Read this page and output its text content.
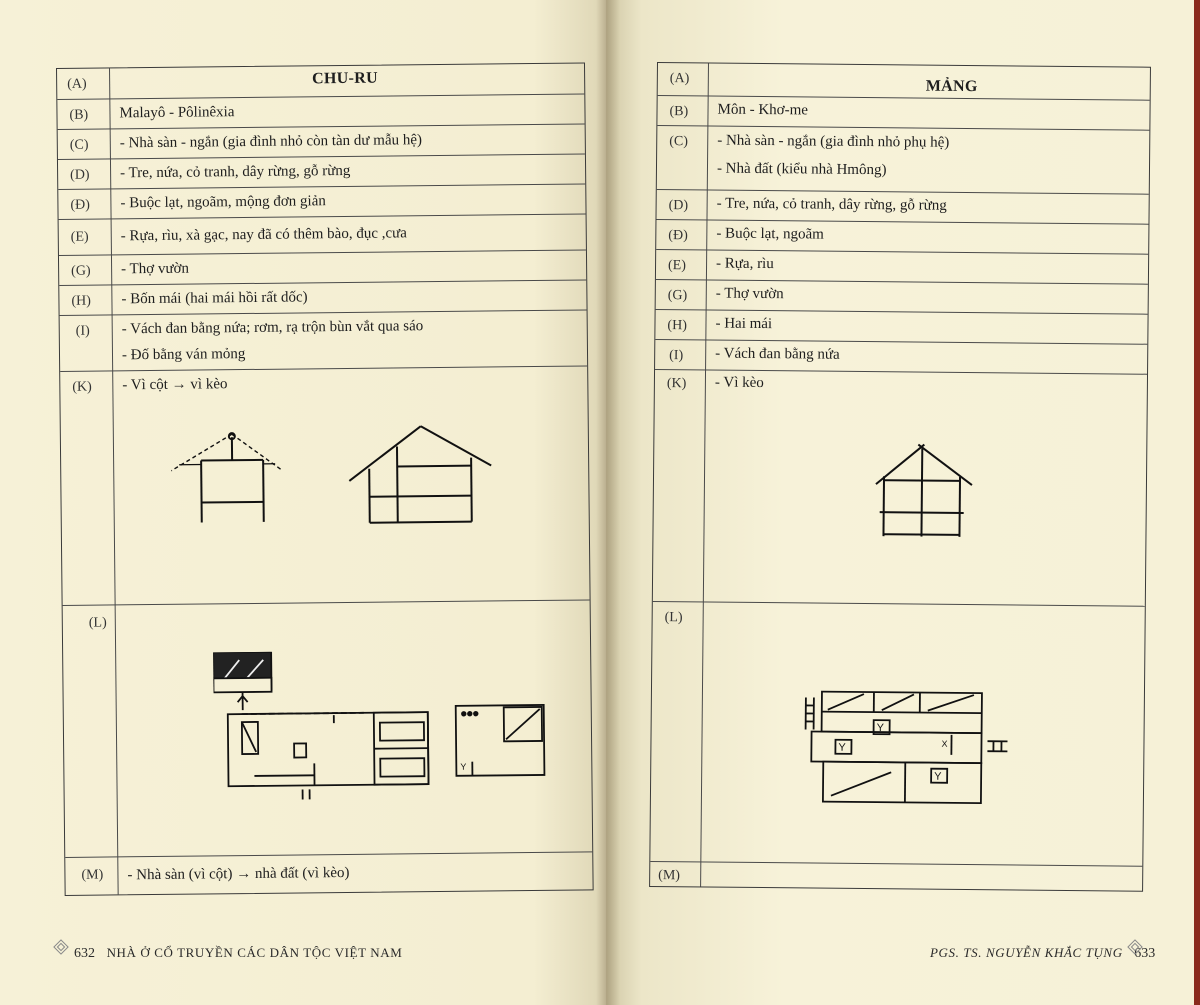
CHU-RU
(A)
(B) Malayô - Pôlinêxia
(C) - Nhà sàn - ngắn (gia đình nhỏ còn tàn dư mẫu hệ)
(D) - Tre, nứa, cỏ tranh, dây rừng, gỗ rừng
(Đ) - Buộc lạt, ngoãm, mộng đơn giản
(E) - Rựa, rìu, xà gạc, nay đã có thêm bào, đục ,cưa
(G) - Thợ vườn
(H) - Bốn mái (hai mái hồi rất dốc)
(I) - Vách đan bằng nứa; rơm, rạ trộn bùn vắt qua sáo
- Đố bằng ván mỏng
(K) - Vì cột → vì kèo
(L)
Y
(M) - Nhà sàn (vì cột) → nhà đất (vì kèo)
MẢNG
(A)
(B) Môn - Khơ-me
(C) - Nhà sàn - ngắn (gia đình nhỏ phụ hệ)
- Nhà đất (kiểu nhà Hmông)
(D) - Tre, nứa, cỏ tranh, dây rừng, gỗ rừng
(Đ) - Buộc lạt, ngoãm
(E) - Rựa, rìu
(G) - Thợ vườn
(H) - Hai mái
(I) - Vách đan bằng nứa
(K) - Vì kèo
(L)
Y
Y
Y
X
(M)
632 NHÀ Ở CỔ TRUYỀN CÁC DÂN TỘC VIỆT NAM	PGS. TS. NGUYỄN KHẮC TỤNG 633
